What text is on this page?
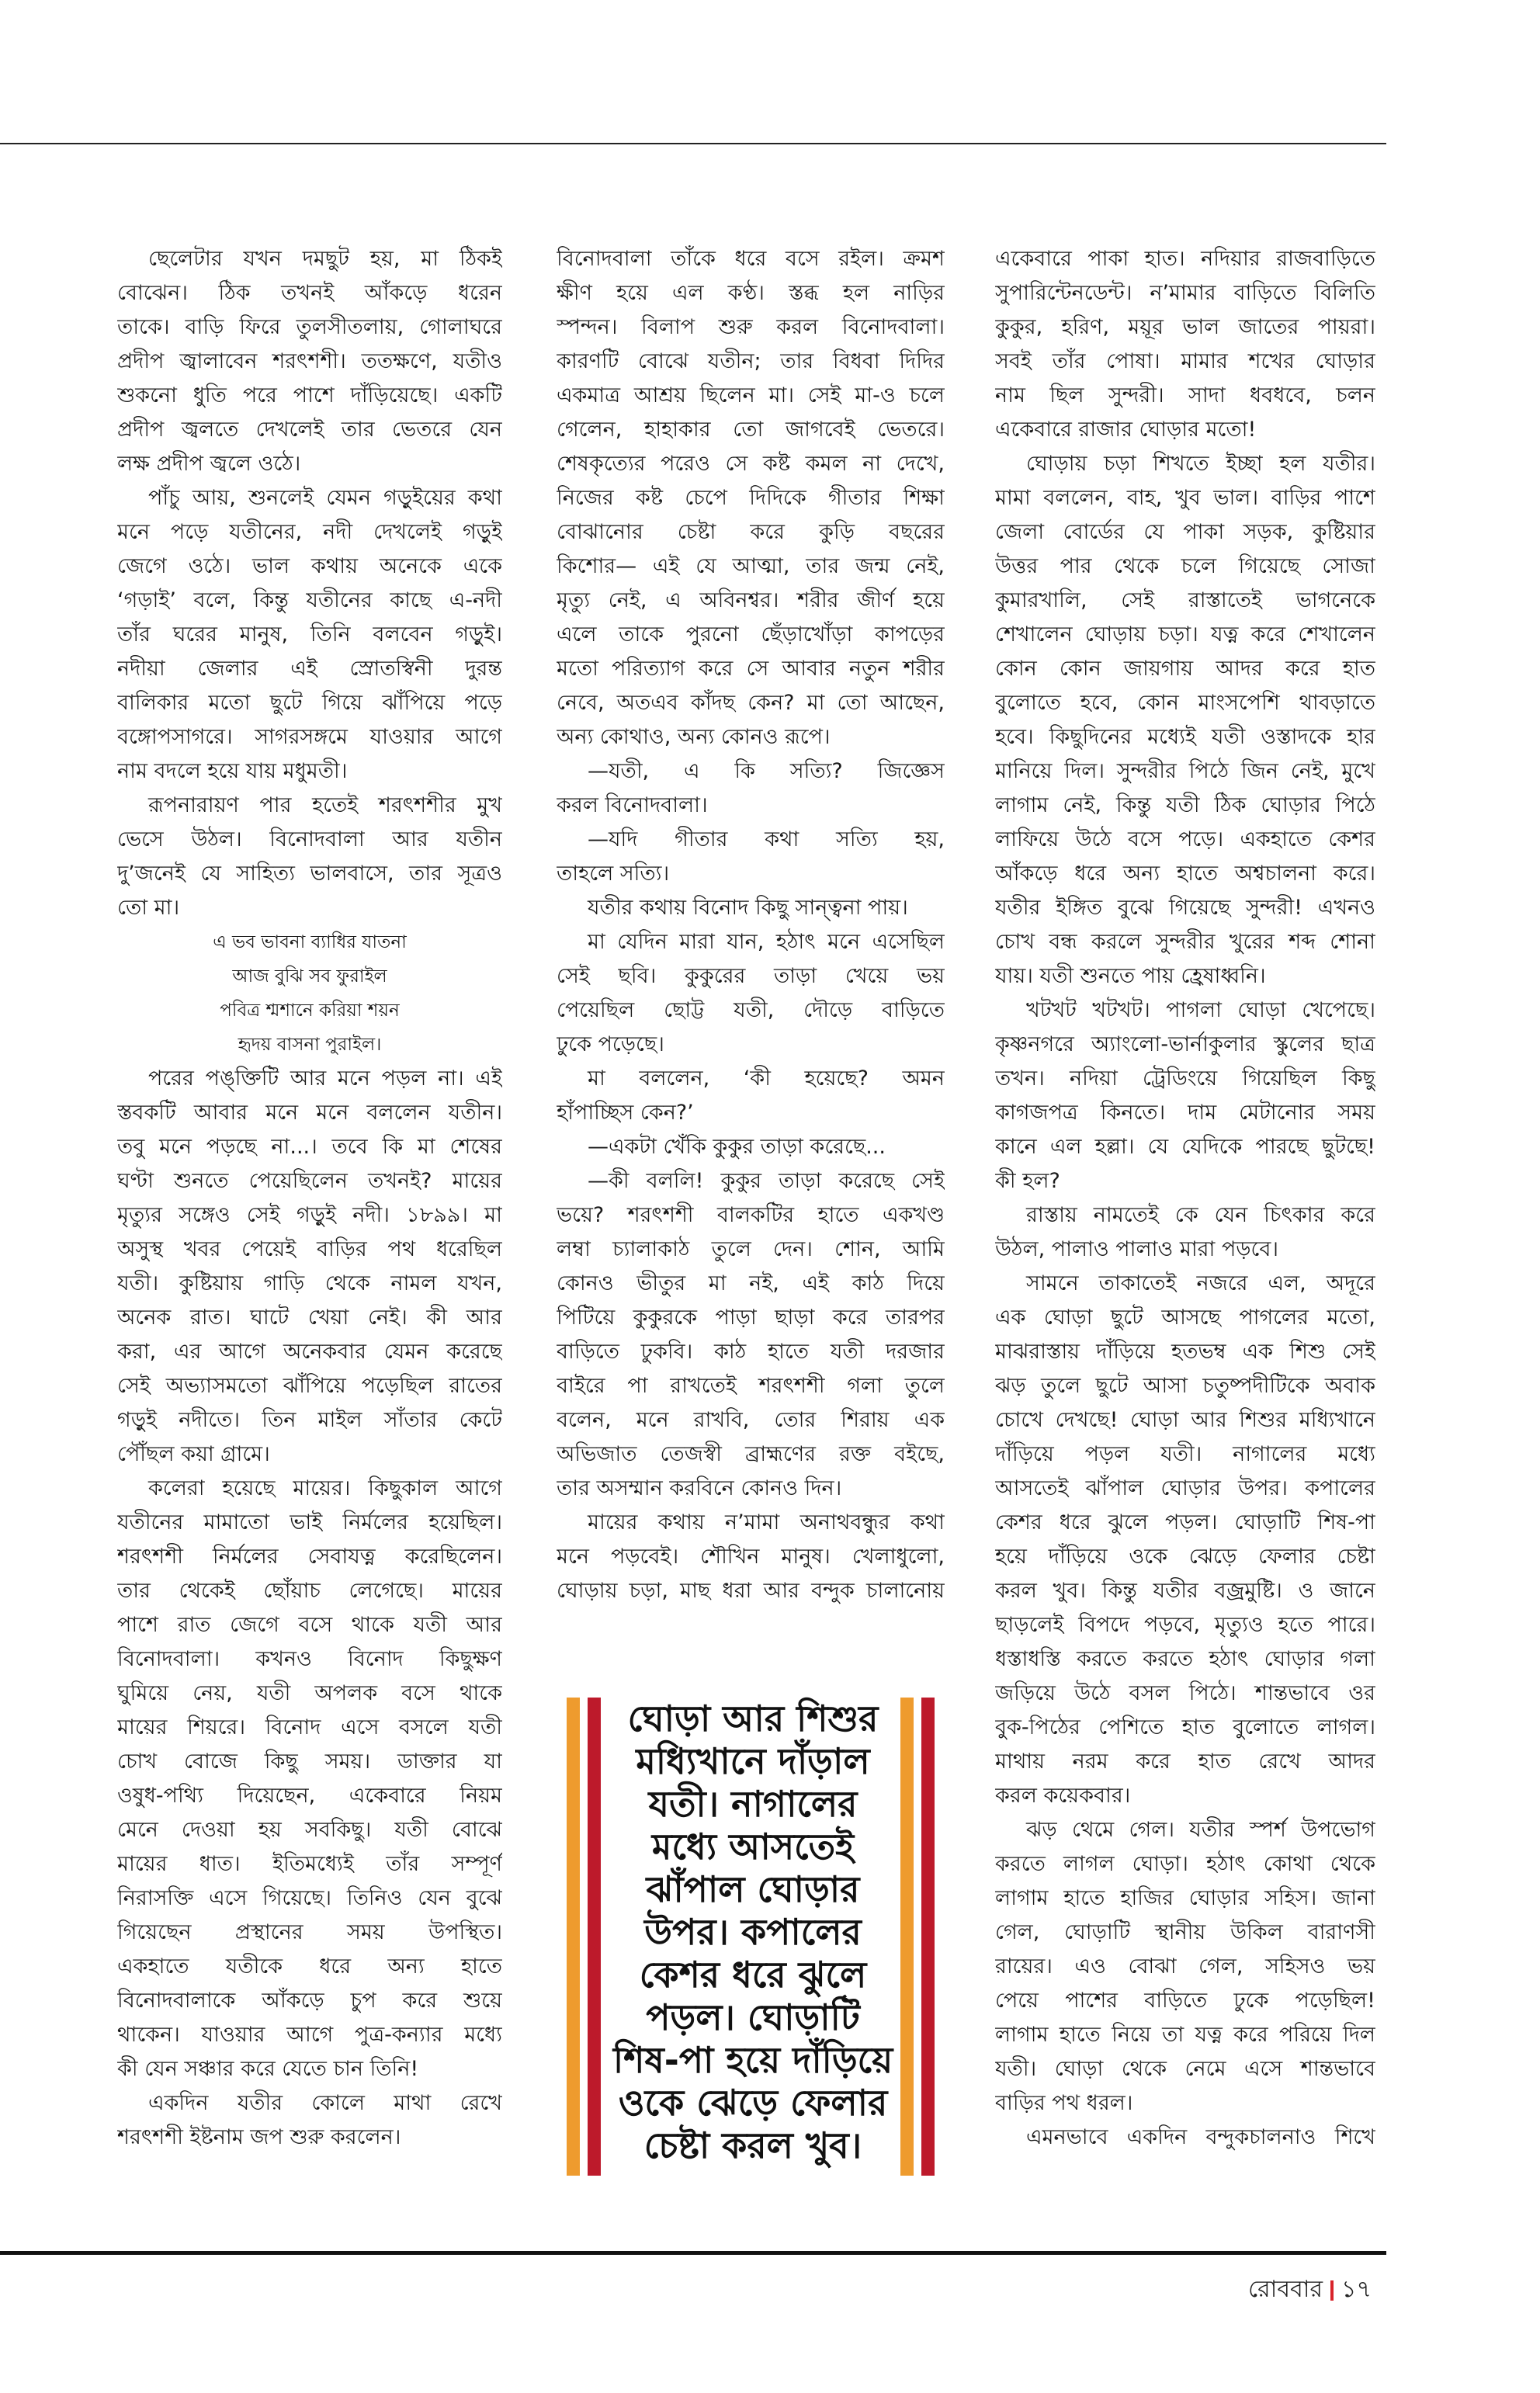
ছেলেটার যখন দমছুট হয়, মা ঠিকই
বোঝেন। ঠিক তখনই আঁকড়ে ধরেন
তাকে। বাড়ি ফিরে তুলসীতলায়, গোলাঘরে
প্রদীপ জ্বালাবেন শরৎশশী। ততক্ষণে, যতীও
শুকনো ধুতি পরে পাশে দাঁড়িয়েছে। একটি
প্রদীপ জ্বলতে দেখলেই তার ভেতরে যেন
লক্ষ প্রদীপ জ্বলে ওঠে।
পাঁচু আয়, শুনলেই যেমন গড়ুইয়ের কথা
মনে পড়ে যতীনের, নদী দেখলেই গড়ুই
জেগে ওঠে। ভাল কথায় অনেকে একে
‘গড়াই’ বলে, কিন্তু যতীনের কাছে এ-নদী
তাঁর ঘরের মানুষ, তিনি বলবেন গড়ুই।
নদীয়া জেলার এই স্রোতস্বিনী দুরন্ত
বালিকার মতো ছুটে গিয়ে ঝাঁপিয়ে পড়ে
বঙ্গোপসাগরে। সাগরসঙ্গমে যাওয়ার আগে
নাম বদলে হয়ে যায় মধুমতী।
রূপনারায়ণ পার হতেই শরৎশশীর মুখ
ভেসে উঠল। বিনোদবালা আর যতীন
দু’জনেই যে সাহিত্য ভালবাসে, তার সূত্রও
তো মা।
এ ভব ভাবনা ব্যাধির যাতনা
আজ বুঝি সব ফুরাইল
পবিত্র শ্মশানে করিয়া শয়ন
হৃদয় বাসনা পুরাইল।
পরের পঙ্‌ক্তিটি আর মনে পড়ল না। এই
স্তবকটি আবার মনে মনে বললেন যতীন।
তবু মনে পড়ছে না...। তবে কি মা শেষের
ঘণ্টা শুনতে পেয়েছিলেন তখনই? মায়ের
মৃত্যুর সঙ্গেও সেই গড়ুই নদী। ১৮৯৯। মা
অসুস্থ খবর পেয়েই বাড়ির পথ ধরেছিল
যতী। কুষ্টিয়ায় গাড়ি থেকে নামল যখন,
অনেক রাত। ঘাটে খেয়া নেই। কী আর
করা, এর আগে অনেকবার যেমন করেছে
সেই অভ্যাসমতো ঝাঁপিয়ে পড়েছিল রাতের
গড়ুই নদীতে। তিন মাইল সাঁতার কেটে
পৌঁছল কয়া গ্রামে।
কলেরা হয়েছে মায়ের। কিছুকাল আগে
যতীনের মামাতো ভাই নির্মলের হয়েছিল।
শরৎশশী নির্মলের সেবাযত্ন করেছিলেন।
তার থেকেই ছোঁয়াচ লেগেছে। মায়ের
পাশে রাত জেগে বসে থাকে যতী আর
বিনোদবালা। কখনও বিনোদ কিছুক্ষণ
ঘুমিয়ে নেয়, যতী অপলক বসে থাকে
মায়ের শিয়রে। বিনোদ এসে বসলে যতী
চোখ বোজে কিছু সময়। ডাক্তার যা
ওষুধ-পথ্যি দিয়েছেন, একেবারে নিয়ম
মেনে দেওয়া হয় সবকিছু। যতী বোঝে
মায়ের ধাত। ইতিমধ্যেই তাঁর সম্পূর্ণ
নিরাসক্তি এসে গিয়েছে। তিনিও যেন বুঝে
গিয়েছেন প্রস্থানের সময় উপস্থিত।
একহাতে যতীকে ধরে অন্য হাতে
বিনোদবালাকে আঁকড়ে চুপ করে শুয়ে
থাকেন। যাওয়ার আগে পুত্র-কন্যার মধ্যে
কী যেন সঞ্চার করে যেতে চান তিনি!
একদিন যতীর কোলে মাথা রেখে
শরৎশশী ইষ্টনাম জপ শুরু করলেন।
বিনোদবালা তাঁকে ধরে বসে রইল। ক্রমশ
ক্ষীণ হয়ে এল কণ্ঠ। স্তব্ধ হল নাড়ির
স্পন্দন। বিলাপ শুরু করল বিনোদবালা।
কারণটি বোঝে যতীন; তার বিধবা দিদির
একমাত্র আশ্রয় ছিলেন মা। সেই মা-ও চলে
গেলেন, হাহাকার তো জাগবেই ভেতরে।
শেষকৃত্যের পরেও সে কষ্ট কমল না দেখে,
নিজের কষ্ট চেপে দিদিকে গীতার শিক্ষা
বোঝানোর চেষ্টা করে কুড়ি বছরের
কিশোর— এই যে আত্মা, তার জন্ম নেই,
মৃত্যু নেই, এ অবিনশ্বর। শরীর জীর্ণ হয়ে
এলে তাকে পুরনো ছেঁড়াখোঁড়া কাপড়ের
মতো পরিত্যাগ করে সে আবার নতুন শরীর
নেবে, অতএব কাঁদছ কেন? মা তো আছেন,
অন্য কোথাও, অন্য কোনও রূপে।
—যতী, এ কি সত্যি? জিজ্ঞেস
করল বিনোদবালা।
—যদি গীতার কথা সত্যি হয়,
তাহলে সত্যি।
যতীর কথায় বিনোদ কিছু সান্ত্বনা পায়।
মা যেদিন মারা যান, হঠাৎ মনে এসেছিল
সেই ছবি। কুকুরের তাড়া খেয়ে ভয়
পেয়েছিল ছোট্ট যতী, দৌড়ে বাড়িতে
ঢুকে পড়েছে।
মা বললেন, ‘কী হয়েছে? অমন
হাঁপাচ্ছিস কেন?’
—একটা খেঁকি কুকুর তাড়া করেছে...
—কী বললি! কুকুর তাড়া করেছে সেই
ভয়ে? শরৎশশী বালকটির হাতে একখণ্ড
লম্বা চ্যালাকাঠ তুলে দেন। শোন, আমি
কোনও ভীতুর মা নই, এই কাঠ দিয়ে
পিটিয়ে কুকুরকে পাড়া ছাড়া করে তারপর
বাড়িতে ঢুকবি। কাঠ হাতে যতী দরজার
বাইরে পা রাখতেই শরৎশশী গলা তুলে
বলেন, মনে রাখবি, তোর শিরায় এক
অভিজাত তেজস্বী ব্রাহ্মণের রক্ত বইছে,
তার অসম্মান করবিনে কোনও দিন।
মায়ের কথায় ন’মামা অনাথবন্ধুর কথা
মনে পড়বেই। শৌখিন মানুষ। খেলাধুলো,
ঘোড়ায় চড়া, মাছ ধরা আর বন্দুক চালানোয়
একেবারে পাকা হাত। নদিয়ার রাজবাড়িতে
সুপারিন্টেনডেন্ট। ন’মামার বাড়িতে বিলিতি
কুকুর, হরিণ, ময়ূর ভাল জাতের পায়রা।
সবই তাঁর পোষা। মামার শখের ঘোড়ার
নাম ছিল সুন্দরী। সাদা ধবধবে, চলন
একেবারে রাজার ঘোড়ার মতো!
ঘোড়ায় চড়া শিখতে ইচ্ছা হল যতীর।
মামা বললেন, বাহ, খুব ভাল। বাড়ির পাশে
জেলা বোর্ডের যে পাকা সড়ক, কুষ্টিয়ার
উত্তর পার থেকে চলে গিয়েছে সোজা
কুমারখালি, সেই রাস্তাতেই ভাগনেকে
শেখালেন ঘোড়ায় চড়া। যত্ন করে শেখালেন
কোন কোন জায়গায় আদর করে হাত
বুলোতে হবে, কোন মাংসপেশি থাবড়াতে
হবে। কিছুদিনের মধ্যেই যতী ওস্তাদকে হার
মানিয়ে দিল। সুন্দরীর পিঠে জিন নেই, মুখে
লাগাম নেই, কিন্তু যতী ঠিক ঘোড়ার পিঠে
লাফিয়ে উঠে বসে পড়ে। একহাতে কেশর
আঁকড়ে ধরে অন্য হাতে অশ্বচালনা করে।
যতীর ইঙ্গিত বুঝে গিয়েছে সুন্দরী! এখনও
চোখ বন্ধ করলে সুন্দরীর খুরের শব্দ শোনা
যায়। যতী শুনতে পায় হ্রেষাধ্বনি।
খটখট খটখট। পাগলা ঘোড়া খেপেছে।
কৃষ্ণনগরে অ্যাংলো-ভার্নাকুলার স্কুলের ছাত্র
তখন। নদিয়া ট্রেডিংয়ে গিয়েছিল কিছু
কাগজপত্র কিনতে। দাম মেটানোর সময়
কানে এল হল্লা। যে যেদিকে পারছে ছুটছে!
কী হল?
রাস্তায় নামতেই কে যেন চিৎকার করে
উঠল, পালাও পালাও মারা পড়বে।
সামনে তাকাতেই নজরে এল, অদূরে
এক ঘোড়া ছুটে আসছে পাগলের মতো,
মাঝরাস্তায় দাঁড়িয়ে হতভম্ব এক শিশু সেই
ঝড় তুলে ছুটে আসা চতুষ্পদীটিকে অবাক
চোখে দেখছে! ঘোড়া আর শিশুর মধ্যিখানে
দাঁড়িয়ে পড়ল যতী। নাগালের মধ্যে
আসতেই ঝাঁপাল ঘোড়ার উপর। কপালের
কেশর ধরে ঝুলে পড়ল। ঘোড়াটি শিষ-পা
হয়ে দাঁড়িয়ে ওকে ঝেড়ে ফেলার চেষ্টা
করল খুব। কিন্তু যতীর বজ্রমুষ্টি। ও জানে
ছাড়লেই বিপদে পড়বে, মৃত্যুও হতে পারে।
ধস্তাধস্তি করতে করতে হঠাৎ ঘোড়ার গলা
জড়িয়ে উঠে বসল পিঠে। শান্তভাবে ওর
বুক-পিঠের পেশিতে হাত বুলোতে লাগল।
মাথায় নরম করে হাত রেখে আদর
করল কয়েকবার।
ঝড় থেমে গেল। যতীর স্পর্শ উপভোগ
করতে লাগল ঘোড়া। হঠাৎ কোথা থেকে
লাগাম হাতে হাজির ঘোড়ার সহিস। জানা
গেল, ঘোড়াটি স্থানীয় উকিল বারাণসী
রায়ের। এও বোঝা গেল, সহিসও ভয়
পেয়ে পাশের বাড়িতে ঢুকে পড়েছিল!
লাগাম হাতে নিয়ে তা যত্ন করে পরিয়ে দিল
যতী। ঘোড়া থেকে নেমে এসে শান্তভাবে
বাড়ির পথ ধরল।
এমনভাবে একদিন বন্দুকচালনাও শিখে
ঘোড়া আর শিশুর
মধ্যিখানে দাঁড়াল
যতী। নাগালের
মধ্যে আসতেই
ঝাঁপাল ঘোড়ার
উপর। কপালের
কেশর ধরে ঝুলে
পড়ল। ঘোড়াটি
শিষ-পা হয়ে দাঁড়িয়ে
ওকে ঝেড়ে ফেলার
চেষ্টা করল খুব।
রোববার ১৭
